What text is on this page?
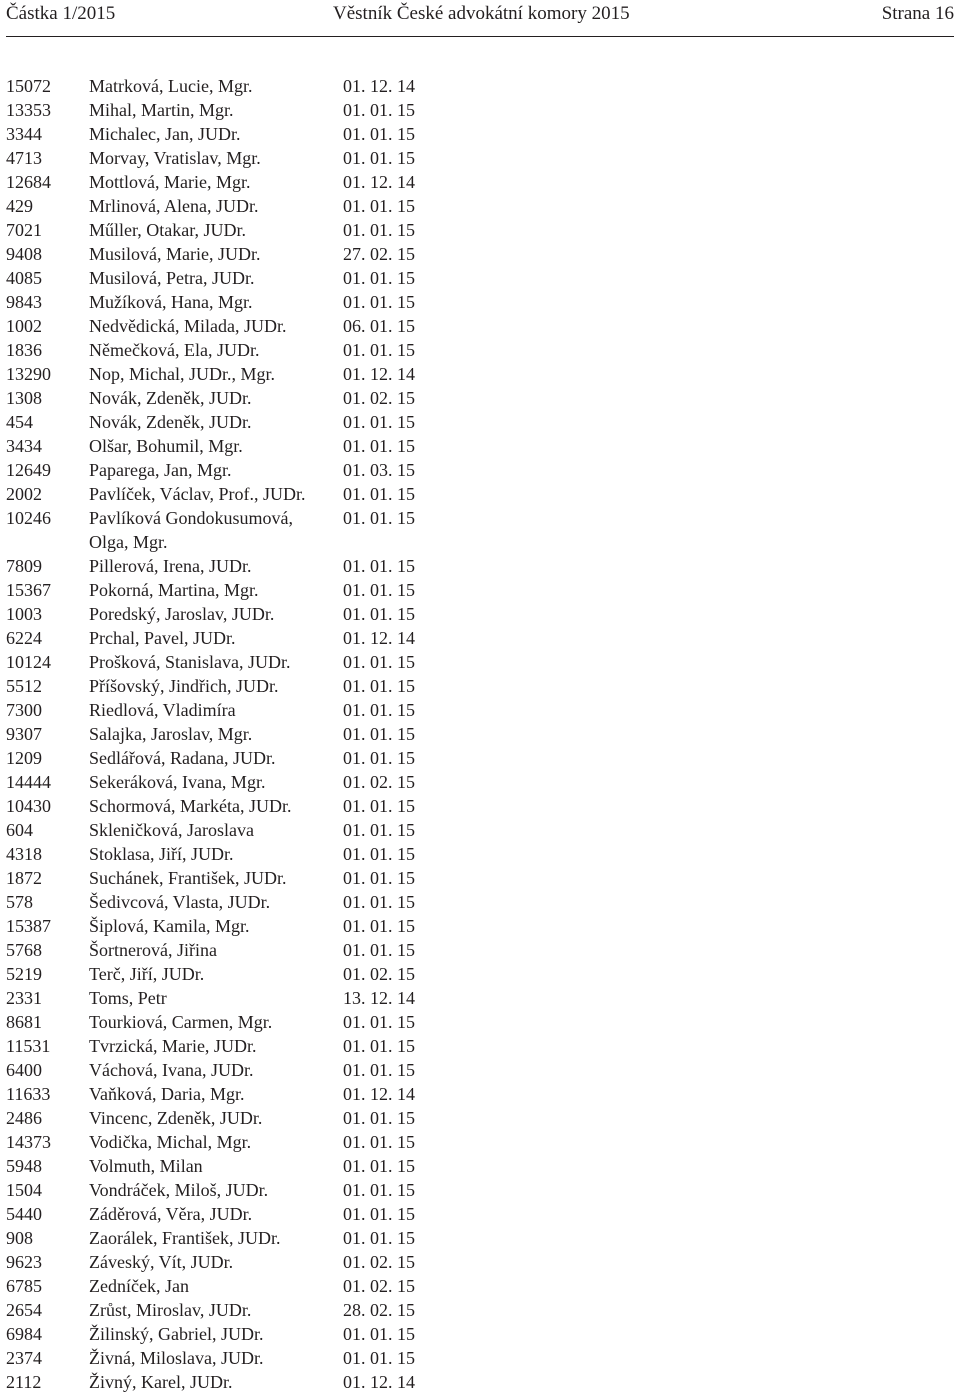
Částka 1/2015	Věstník České advokátní komory 2015	Strana 16
15072 Matrková, Lucie, Mgr.	01. 12. 14
13353 Mihal, Martin, Mgr.	01. 01. 15
3344	Michalec, Jan, JUDr.	01. 01. 15
4713	Morvay, Vratislav, Mgr.	01. 01. 15
12684 Mottlová, Marie, Mgr.	01. 12. 14
429	Mrlinová, Alena, JUDr.	01. 01. 15
7021	Műller, Otakar, JUDr.	01. 01. 15
9408	Musilová, Marie, JUDr.	27. 02. 15
4085	Musilová, Petra, JUDr.	01. 01. 15
9843	Mužíková, Hana, Mgr.	01. 01. 15
1002	Nedvědická, Milada, JUDr.	06. 01. 15
1836	Němečková, Ela, JUDr.	01. 01. 15
13290 Nop, Michal, JUDr., Mgr.	01. 12. 14
1308	Novák, Zdeněk, JUDr.	01. 02. 15
454	Novák, Zdeněk, JUDr.	01. 01. 15
3434	Olšar, Bohumil, Mgr.	01. 01. 15
12649 Paparega, Jan, Mgr.	01. 03. 15
2002	Pavlíček, Václav, Prof., JUDr.	01. 01. 15
10246 Pavlíková Gondokusumová, Olga, Mgr.
01. 01. 15
7809	Pillerová, Irena, JUDr.	01. 01. 15
15367 Pokorná, Martina, Mgr.	01. 01. 15
1003	Poredský, Jaroslav, JUDr.	01. 01. 15
6224	Prchal, Pavel, JUDr.	01. 12. 14
10124 Prošková, Stanislava, JUDr.	01. 01. 15
5512	Příšovský, Jindřich, JUDr.	01. 01. 15
7300	Riedlová, Vladimíra	01. 01. 15
9307	Salajka, Jaroslav, Mgr.	01. 01. 15
1209	Sedlářová, Radana, JUDr.	01. 01. 15
14444 Sekeráková, Ivana, Mgr.	01. 02. 15
10430 Schormová, Markéta, JUDr.	01. 01. 15
604	Skleničková, Jaroslava	01. 01. 15
4318	Stoklasa, Jiří, JUDr.	01. 01. 15
1872	Suchánek, František, JUDr.	01. 01. 15
578	Šedivcová, Vlasta, JUDr.	01. 01. 15
15387 Šiplová, Kamila, Mgr.	01. 01. 15
5768	Šortnerová, Jiřina	01. 01. 15
5219	Terč, Jiří, JUDr.	01. 02. 15
2331	Toms, Petr	13. 12. 14
8681	Tourkiová, Carmen, Mgr.	01. 01. 15
11531 Tvrzická, Marie, JUDr.	01. 01. 15
6400	Váchová, Ivana, JUDr.	01. 01. 15
11633 Vaňková, Daria, Mgr.	01. 12. 14
2486	Vincenc, Zdeněk, JUDr.	01. 01. 15
14373 Vodička, Michal, Mgr.	01. 01. 15
5948	Volmuth, Milan	01. 01. 15
1504	Vondráček, Miloš, JUDr.	01. 01. 15
5440	Záděrová, Věra, JUDr.	01. 01. 15
908	Zaorálek, František, JUDr.	01. 01. 15
9623	Záveský, Vít, JUDr.	01. 02. 15
6785	Zedníček, Jan	01. 02. 15
2654	Zrůst, Miroslav, JUDr.	28. 02. 15
6984	Žilinský, Gabriel, JUDr.	01. 01. 15
2374	Živná, Miloslava, JUDr.	01. 01. 15
2112	Živný, Karel, JUDr.	01. 12. 14
